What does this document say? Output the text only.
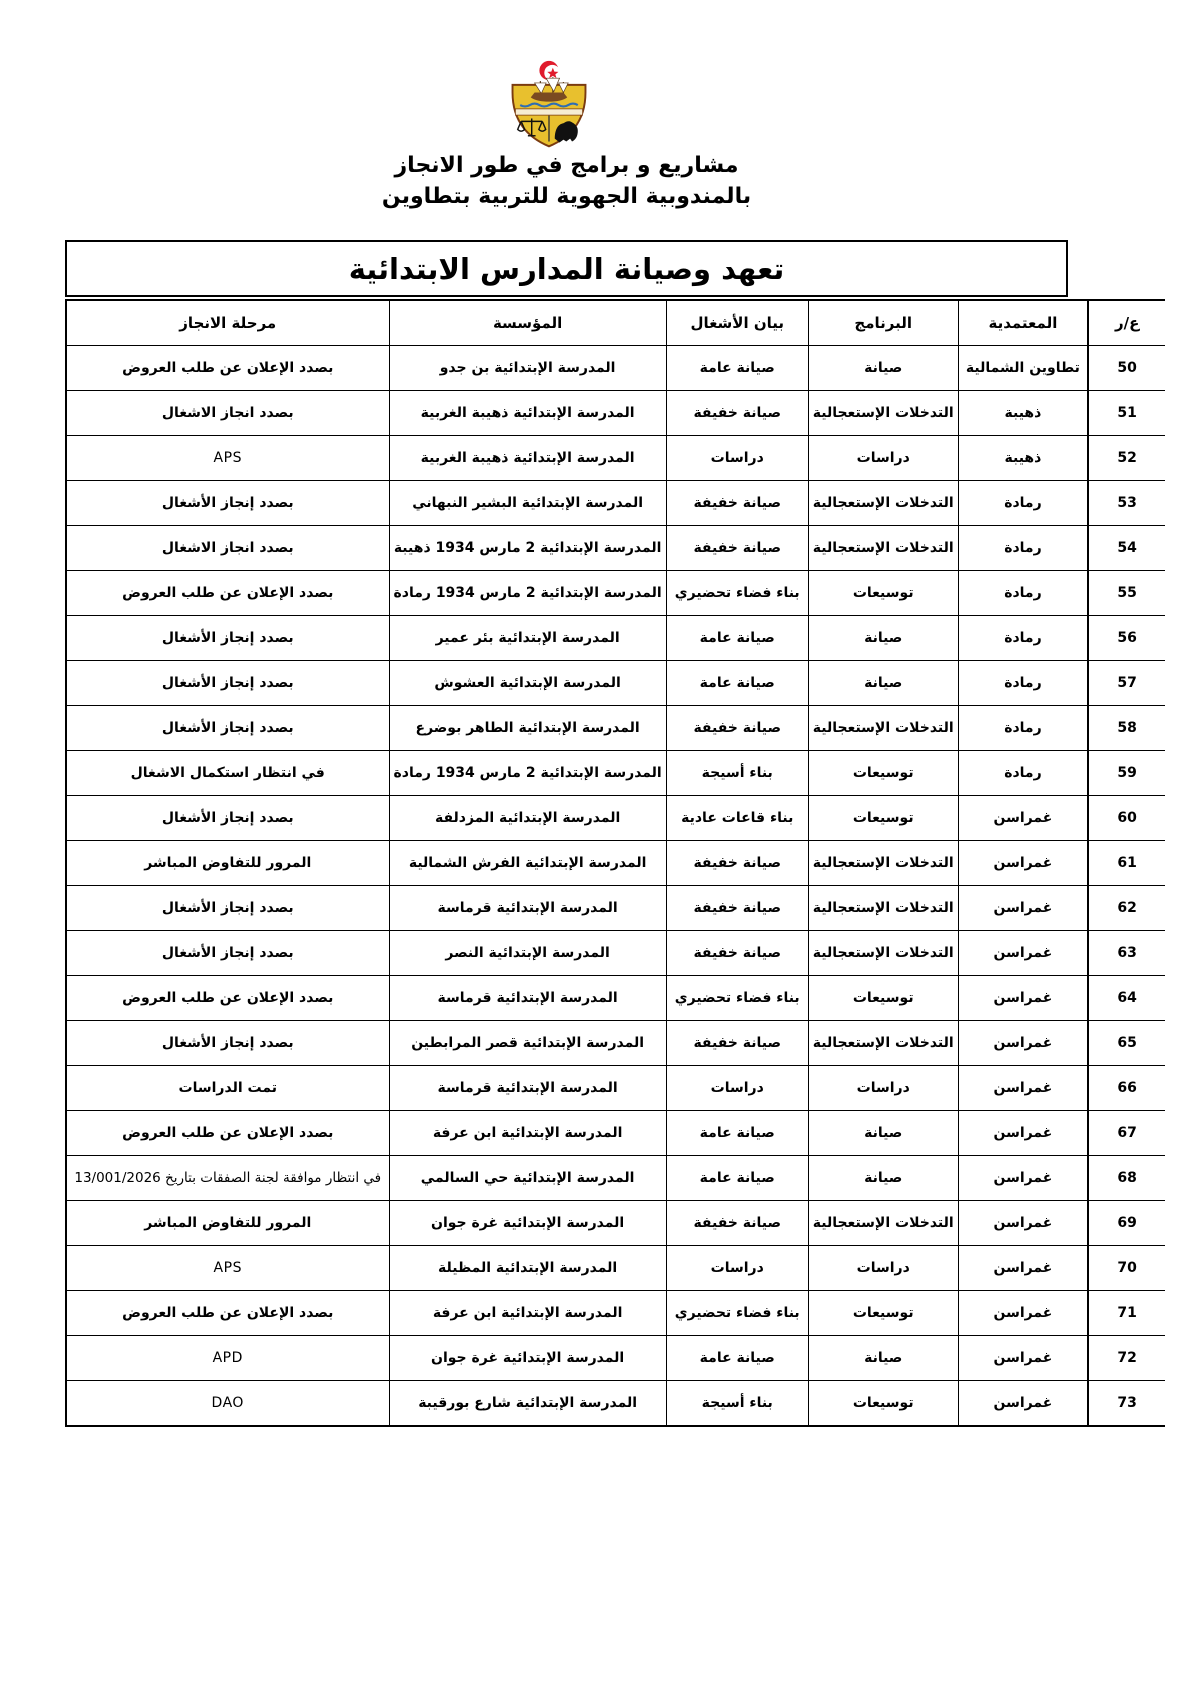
مشاريع و برامج في طور الانجاز
بالمندوبية الجهوية للتربية بتطاوين
تعهد وصيانة المدارس الابتدائية
ع/ر	المعتمدية	البرنامج	بيان الأشغال	المؤسسة	مرحلة الانجاز
50	تطاوين الشمالية	صيانة	صيانة عامة	المدرسة الإبتدائية بن جدو	بصدد الإعلان عن طلب العروض
51	ذهيبة	التدخلات الإستعجالية	صيانة خفيفة	المدرسة الإبتدائية ذهيبة الغربية	بصدد انجاز الاشغال
52	ذهيبة	دراسات	دراسات	المدرسة الإبتدائية ذهيبة الغربية	APS
53	رمادة	التدخلات الإستعجالية	صيانة خفيفة	المدرسة الإبتدائية البشير النبهاني	بصدد إنجاز الأشغال
54	رمادة	التدخلات الإستعجالية	صيانة خفيفة	المدرسة الإبتدائية 2 مارس 1934 ذهيبة	بصدد انجاز الاشغال
55	رمادة	توسيعات	بناء فضاء تحضيري	المدرسة الإبتدائية 2 مارس 1934 رمادة	بصدد الإعلان عن طلب العروض
56	رمادة	صيانة	صيانة عامة	المدرسة الإبتدائية بئر عمير	بصدد إنجاز الأشغال
57	رمادة	صيانة	صيانة عامة	المدرسة الإبتدائية العشوش	بصدد إنجاز الأشغال
58	رمادة	التدخلات الإستعجالية	صيانة خفيفة	المدرسة الإبتدائية الطاهر بوضرع	بصدد إنجاز الأشغال
59	رمادة	توسيعات	بناء أسيجة	المدرسة الإبتدائية 2 مارس 1934 رمادة	في انتظار استكمال الاشغال
60	غمراسن	توسيعات	بناء قاعات عادية	المدرسة الإبتدائية المزدلفة	بصدد إنجاز الأشغال
61	غمراسن	التدخلات الإستعجالية	صيانة خفيفة	المدرسة الإبتدائية الفرش الشمالية	المرور للتفاوض المباشر
62	غمراسن	التدخلات الإستعجالية	صيانة خفيفة	المدرسة الإبتدائية قرماسة	بصدد إنجاز الأشغال
63	غمراسن	التدخلات الإستعجالية	صيانة خفيفة	المدرسة الإبتدائية النصر	بصدد إنجاز الأشغال
64	غمراسن	توسيعات	بناء فضاء تحضيري	المدرسة الإبتدائية قرماسة	بصدد الإعلان عن طلب العروض
65	غمراسن	التدخلات الإستعجالية	صيانة خفيفة	المدرسة الإبتدائية قصر المرابطين	بصدد إنجاز الأشغال
66	غمراسن	دراسات	دراسات	المدرسة الإبتدائية قرماسة	تمت الدراسات
67	غمراسن	صيانة	صيانة عامة	المدرسة الإبتدائية ابن عرفة	بصدد الإعلان عن طلب العروض
68	غمراسن	صيانة	صيانة عامة	المدرسة الإبتدائية حي السالمي	في انتظار موافقة لجنة الصفقات بتاريخ 13/001/2026
69	غمراسن	التدخلات الإستعجالية	صيانة خفيفة	المدرسة الإبتدائية غرة جوان	المرور للتفاوض المباشر
70	غمراسن	دراسات	دراسات	المدرسة الإبتدائية المظيلة	APS
71	غمراسن	توسيعات	بناء فضاء تحضيري	المدرسة الإبتدائية ابن عرفة	بصدد الإعلان عن طلب العروض
72	غمراسن	صيانة	صيانة عامة	المدرسة الإبتدائية غرة جوان	APD
73	غمراسن	توسيعات	بناء أسيجة	المدرسة الإبتدائية شارع بورقيبة	DAO
